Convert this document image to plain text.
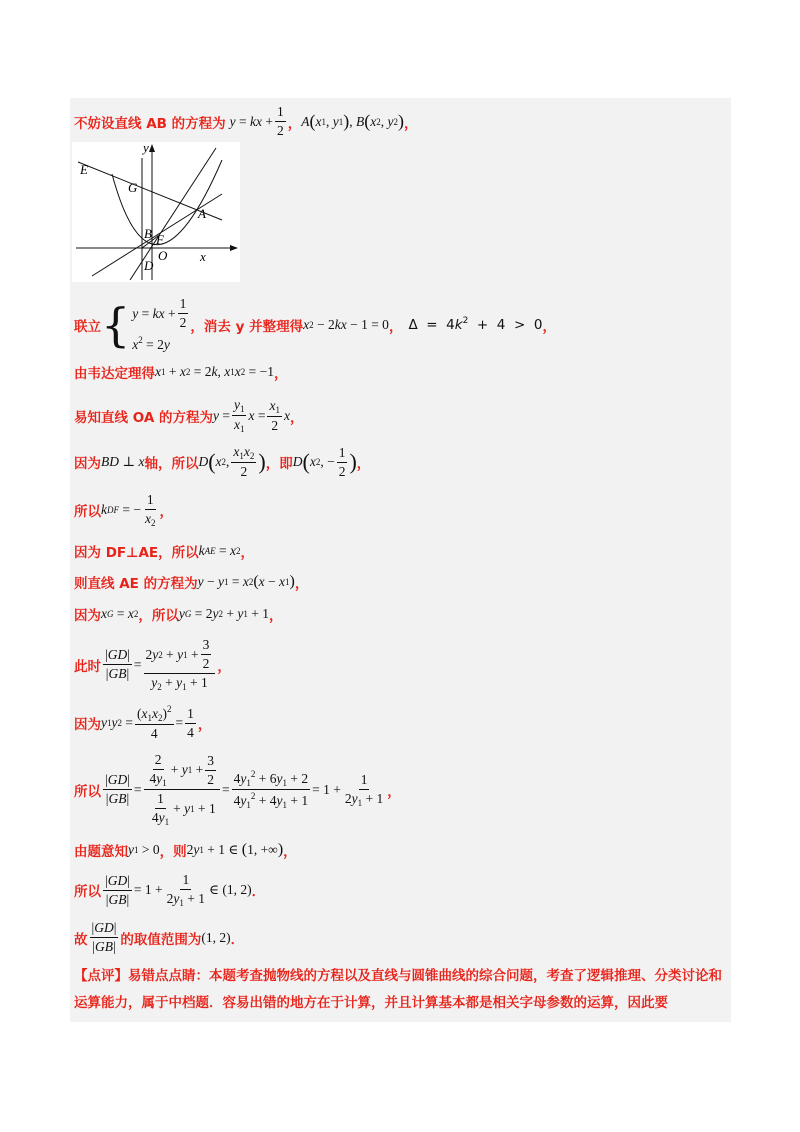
不妨设直线 AB 的方程为 y = kx + $\frac{1}{2}$ ， A ( x 1 , y 1 ) , B ( x 2 , y 2 ) ，
x
y
E
G
A
B F
D
O
联立 { y = kx + $\frac{1}{2}$
$x^2 = 2y$
，消去 y 并整理得 x 2 − 2 kx − 1 = 0 ， $\Delta = 4k^2 + 4 > 0$ ，
由韦达定理得 x 1 + x 2 = 2 k , x 1 x 2 = −1 ，
易知直线 OA 的方程为 $y = \frac{y_1}{x_1}$ $x = \frac{x_1}{2}$ x ，
因为 BD ⊥ x 轴，所以 D ( x 2 , $\frac{x_1x_2}{2}$ ) ，即 D ( x 2 , − $\frac{1}{2}$ ) ，
所以 k DF = − $\frac{1}{x_2}$ ，
因为 DF⊥AE，所以 k AE = x 2 ，
则直线 AE 的方程为 y − y 1 = x 2 ( x − x 1 ) ，
因为 x G = x 2 ，所以 y G = 2 y 2 + y 1 + 1 ，
此时 $\frac{|GD|}{|GB|} = \frac{2 y 2 + y 1 + \frac{3}{2}}{y_2 + y_1 + 1}$ ，
因为 y 1 y $2 = \frac{(x_1x_2)^2}{4} = \frac{1}{4}$ ，
所以 $\frac{|GD|}{|GB|} = \frac{\frac{2}{4y_1} + y 1 + \frac{3}{2}}{\frac{1}{4y_1} + y 1 + 1} = \frac{4y_1^2 + 6y_1 + 2}{4y_1^2 + 4y_1 + 1} = 1 + \frac{1}{2y_1 + 1}$ ，
由题意知 y 1 > 0 ，则 2 y 1 + 1 ∈ ( 1, +∞ ) ，
所以 $\frac{|GD|}{|GB|} = 1 + \frac{1}{2y_1 + 1}$ ∈ (1, 2) ．
故 $\frac{|GD|}{|GB|}$ 的取值范围为 (1, 2) ．
【点评】易错点点睛：本题考查抛物线的方程以及直线与圆锥曲线的综合问题，考查了逻辑推理、分类讨论和运算能力，属于中档题．容易出错的地方在于计算，并且计算基本都是相关字母参数的运算，因此要
